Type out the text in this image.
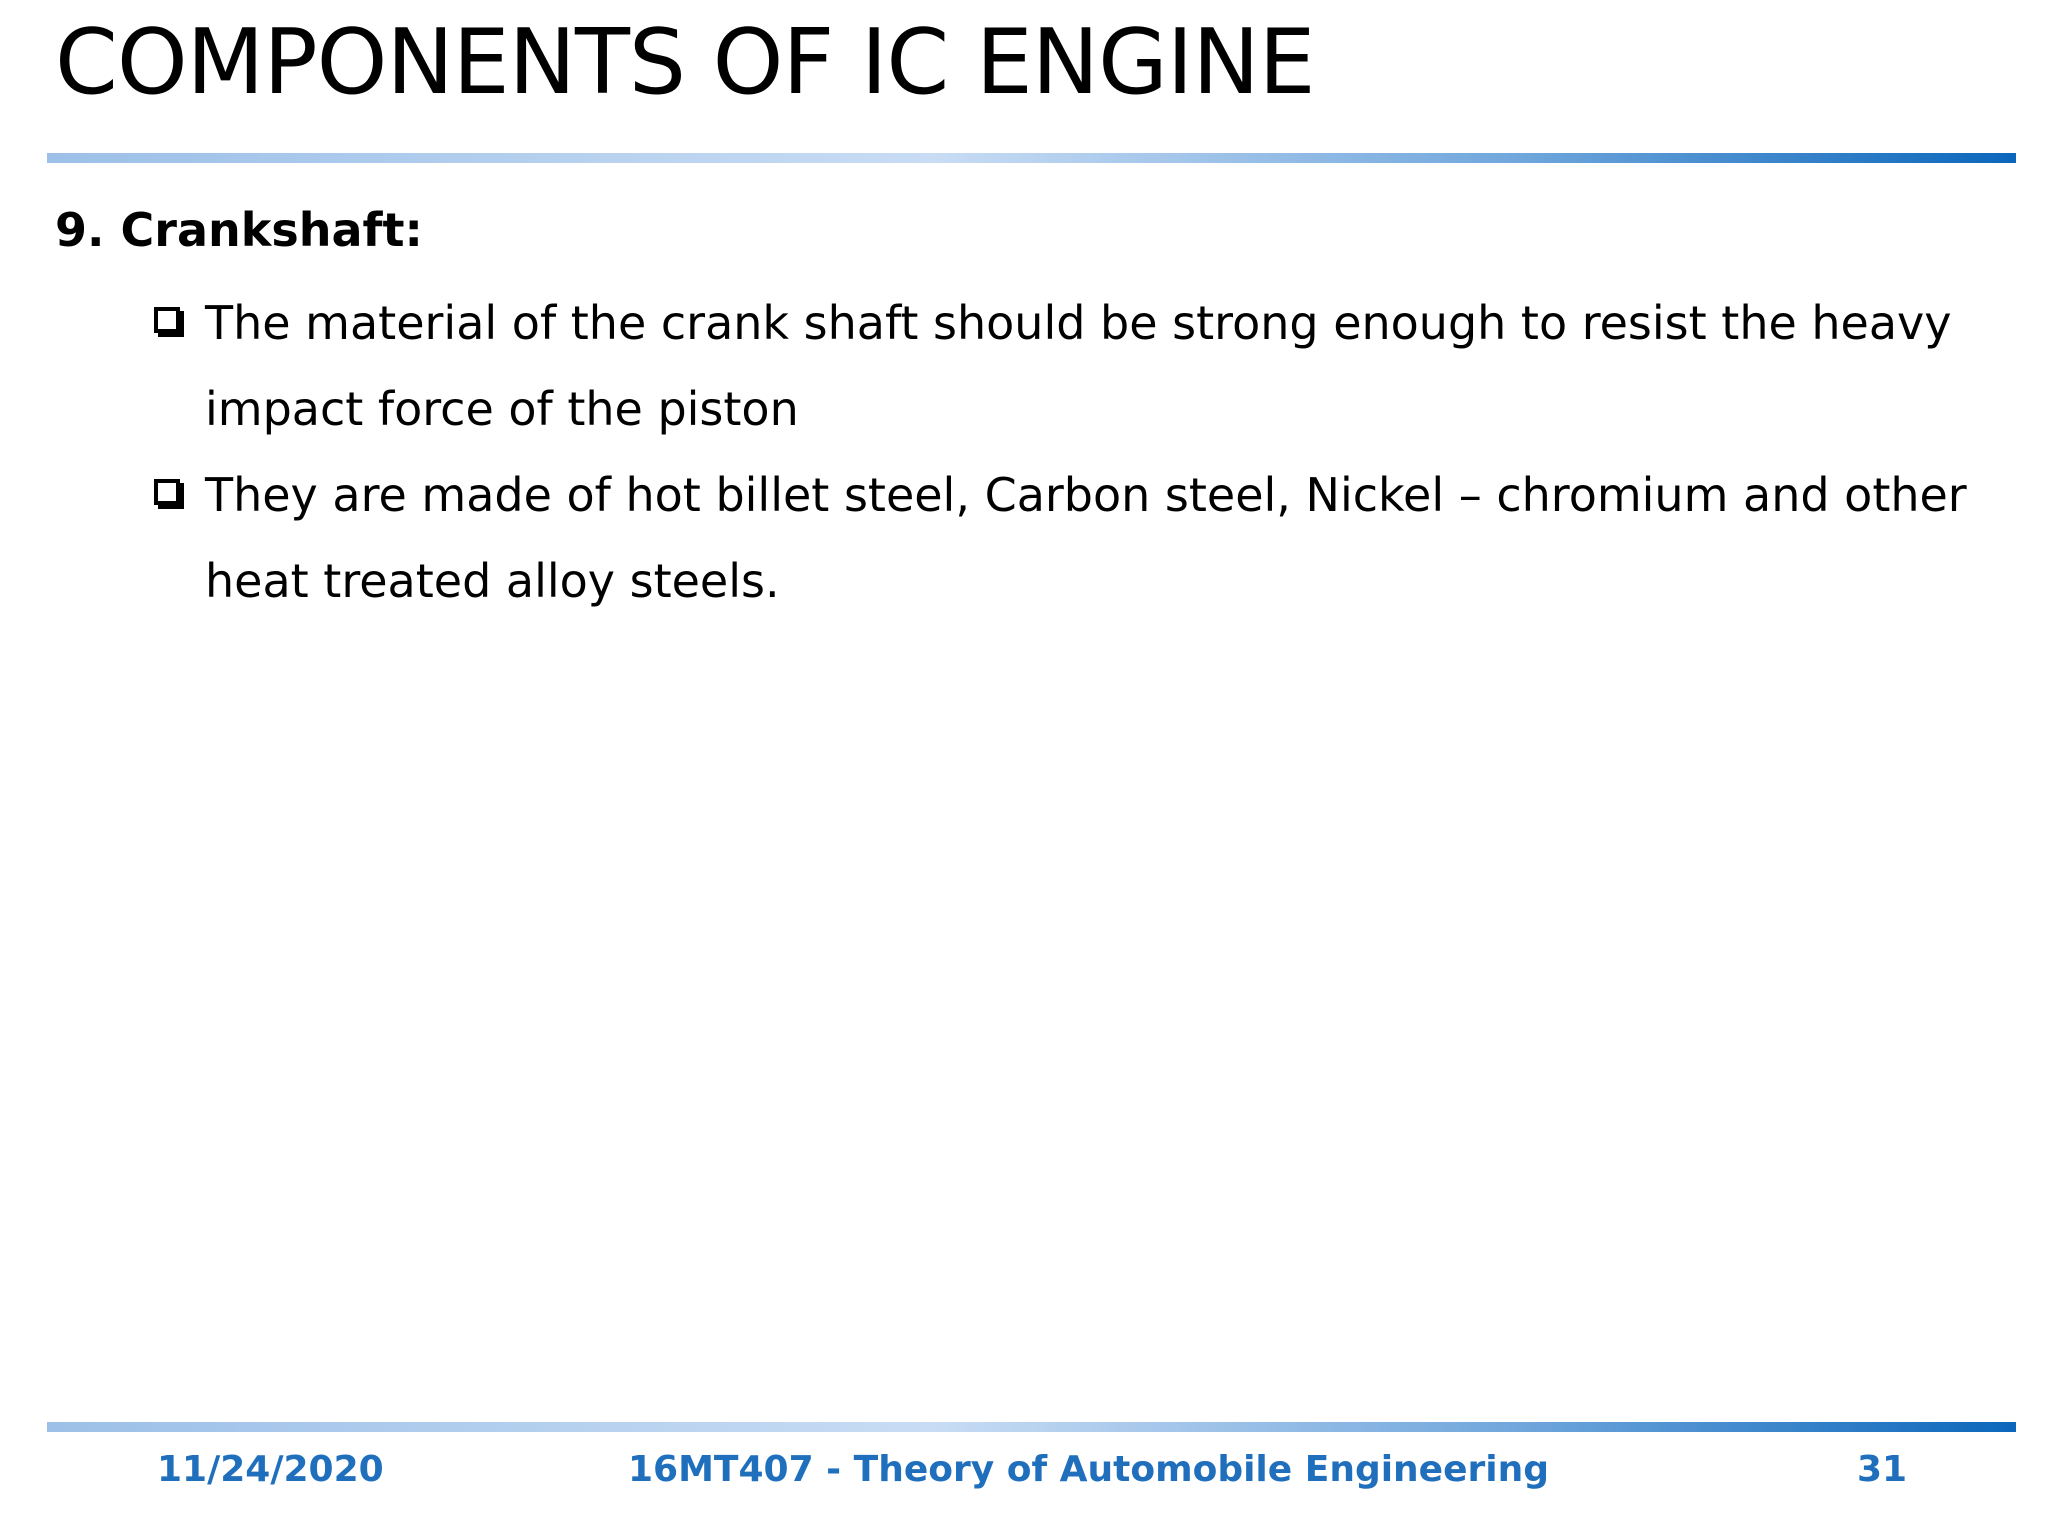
COMPONENTS OF IC ENGINE
9. Crankshaft:
The material of the crank shaft should be strong enough to resist the heavy impact force of the piston
They are made of hot billet steel, Carbon steel, Nickel – chromium and other heat treated alloy steels.
11/24/2020	16MT407 - Theory of Automobile Engineering	31
